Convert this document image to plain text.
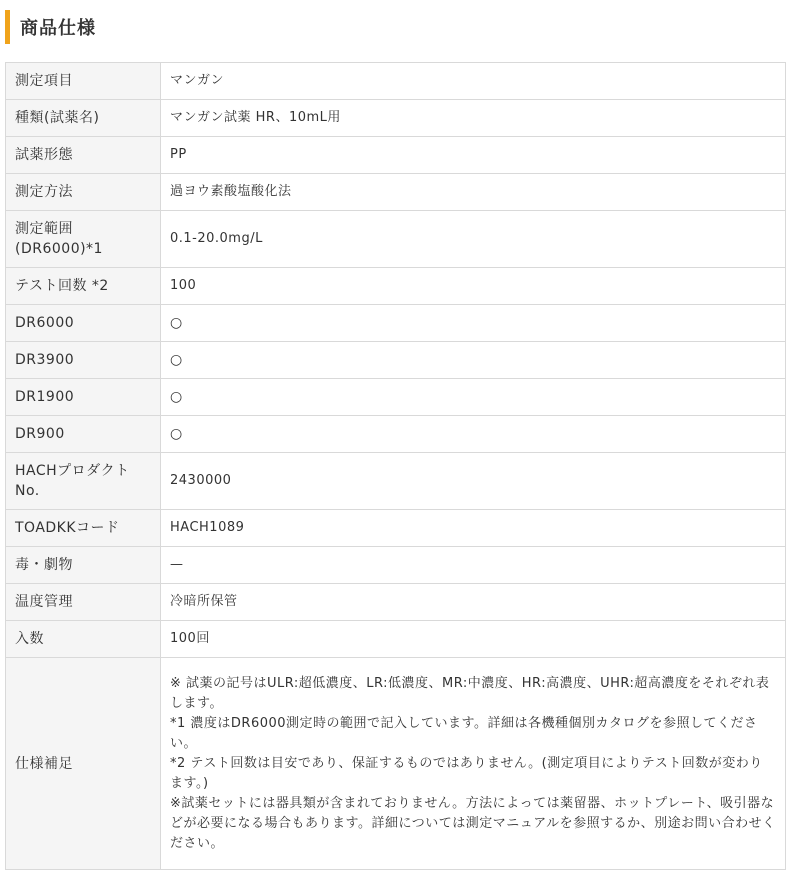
商品仕様
測定項目	マンガン
種類(試薬名)	マンガン試薬 HR、10mL用
試薬形態	PP
測定方法	過ヨウ素酸塩酸化法
測定範囲
(DR6000)*1	0.1-20.0mg/L
テスト回数 *2	100
DR6000	○
DR3900	○
DR1900	○
DR900	○
HACHプロダクト
No.	2430000
TOADKKコード	HACH1089
毒・劇物	—
温度管理	冷暗所保管
入数	100回
仕様補足	※ 試薬の記号はULR:超低濃度、LR:低濃度、MR:中濃度、HR:高濃度、UHR:超高濃度をそれぞれ表します。
*1 濃度はDR6000測定時の範囲で記入しています。詳細は各機種個別カタログを参照してください。
*2 テスト回数は目安であり、保証するものではありません。(測定項目によりテスト回数が変わります。)
※試薬セットには器具類が含まれておりません。方法によっては薬留器、ホットプレート、吸引器などが必要になる場合もあります。詳細については測定マニュアルを参照するか、別途お問い合わせください。
